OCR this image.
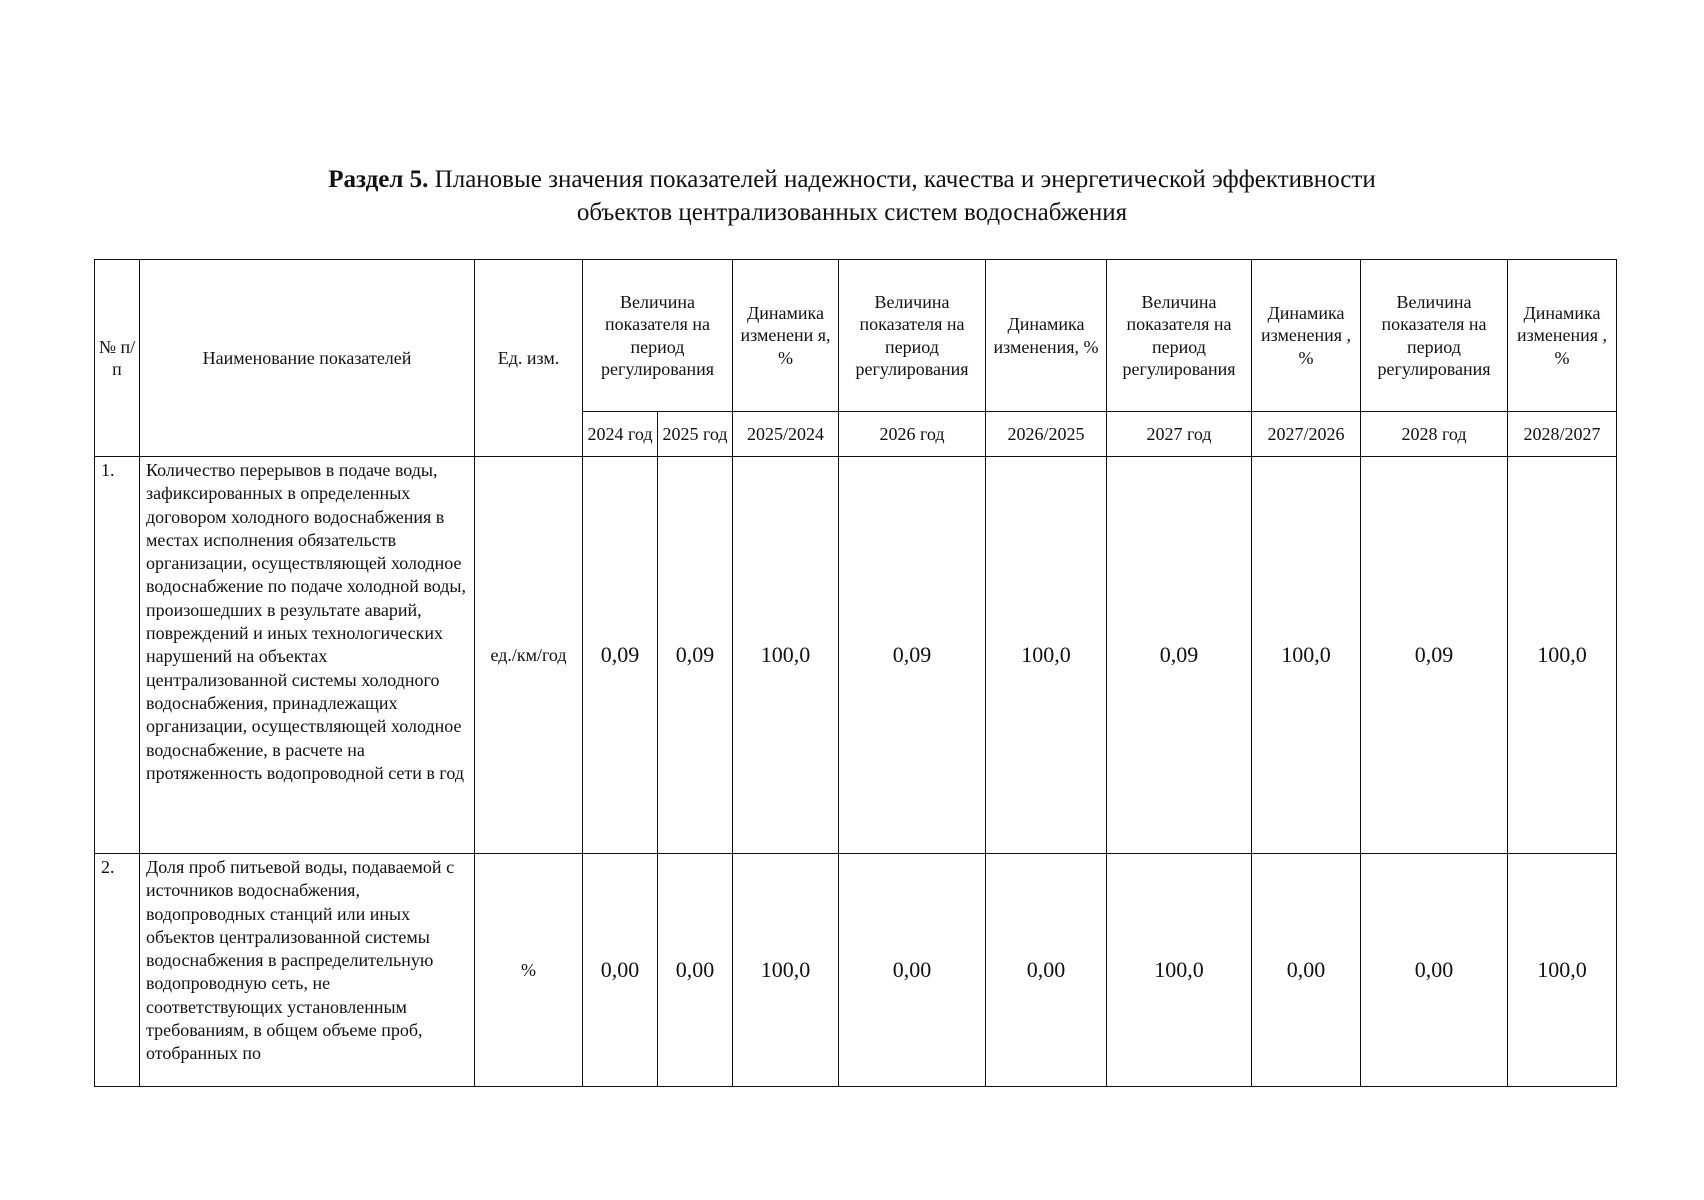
Раздел 5. Плановые значения показателей надежности, качества и энергетической эффективности
объектов централизованных систем водоснабжения
№ п/п	Наименование показателей	Ед. изм.	Величина показателя на период регулирования		Динамика изменени я, %	Величина показателя на период регулирования	Динамика изменения, %	Величина показателя на период регулирования	Динамика изменения , %	Величина показателя на период регулирования	Динамика изменения , %
			2024 год	2025 год	2025/2024	2026 год	2026/2025	2027 год	2027/2026	2028 год	2028/2027
1.	Количество перерывов в подаче воды, зафиксированных в определенных договором холодного водоснабжения в местах исполнения обязательств организации, осуществляющей холодное водоснабжение по подаче холодной воды, произошедших в результате аварий, повреждений и иных технологических нарушений на объектах централизованной системы холодного водоснабжения, принадлежащих организации, осуществляющей холодное водоснабжение, в расчете на протяженность водопроводной сети в год	ед./км/год	0,09	0,09	100,0	0,09	100,0	0,09	100,0	0,09	100,0
2.	Доля проб питьевой воды, подаваемой с источников водоснабжения, водопроводных станций или иных объектов централизованной системы водоснабжения в распределительную водопроводную сеть, не соответствующих установленным требованиям, в общем объеме проб, отобранных по	%	0,00	0,00	100,0	0,00	0,00	100,0	0,00	0,00	100,0
